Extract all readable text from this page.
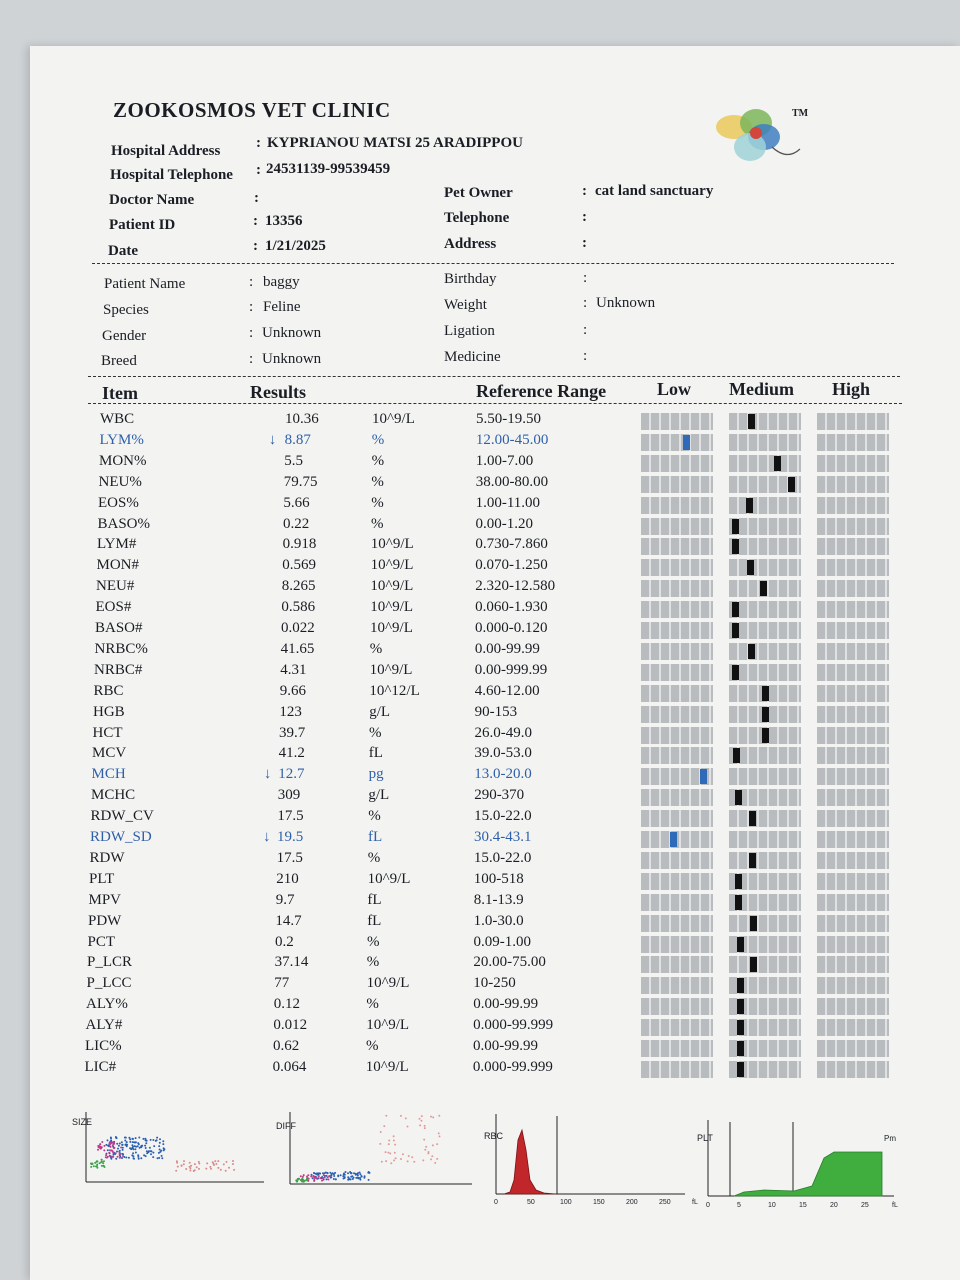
ZOOKOSMOS VET CLINIC	TM
Hospital Address : KYPRIANOU MATSI 25 ARADIPPOU
Hospital Telephone : 24531139-99539459
Doctor Name	:
Patient ID	: 13356
Date	: 1/21/2025
Pet Owner	: cat land sanctuary
Telephone	:
Address	:
Patient Name	: baggy
Species	: Feline
Gender	: Unknown
Breed	: Unknown
Birthday	:
Weight	: Unknown
Ligation	:
Medicine	:
Item	Results	Reference Range	Low Medium High
WBC	10.36	10^9/L	5.50-19.50
LYM%	↓ 8.87	%	12.00-45.00
MON%	5.5	%	1.00-7.00
NEU%	79.75	%	38.00-80.00
EOS%	5.66	%	1.00-11.00
BASO%	0.22	%	0.00-1.20
LYM#	0.918	10^9/L	0.730-7.860
MON#	0.569	10^9/L	0.070-1.250
NEU#	8.265	10^9/L	2.320-12.580
EOS#	0.586	10^9/L	0.060-1.930
BASO#	0.022	10^9/L	0.000-0.120
NRBC%	41.65	%	0.00-99.99
NRBC#	4.31	10^9/L	0.00-999.99
RBC	9.66	10^12/L	4.60-12.00
HGB	123	g/L	90-153
HCT	39.7	%	26.0-49.0
MCV	41.2	fL	39.0-53.0
MCH	↓ 12.7	pg	13.0-20.0
MCHC	309	g/L	290-370
RDW_CV	17.5	%	15.0-22.0
RDW_SD	↓ 19.5	fL	30.4-43.1
RDW	17.5	%	15.0-22.0
PLT	210	10^9/L	100-518
MPV	9.7	fL	8.1-13.9
PDW	14.7	fL	1.0-30.0
PCT	0.2	%	0.09-1.00
P_LCR	37.14	%	20.00-75.00
P_LCC	77	10^9/L	10-250
ALY%	0.12	%	0.00-99.99
ALY#	0.012	10^9/L	0.000-99.999
LIC%	0.62	%	0.00-99.99
LIC#	0.064	10^9/L	0.000-99.999
SIZE	DIFF
RBC
0	50	100	150	200	250	fL
PLT	Pm
0	5	10	15	20	25	fL
